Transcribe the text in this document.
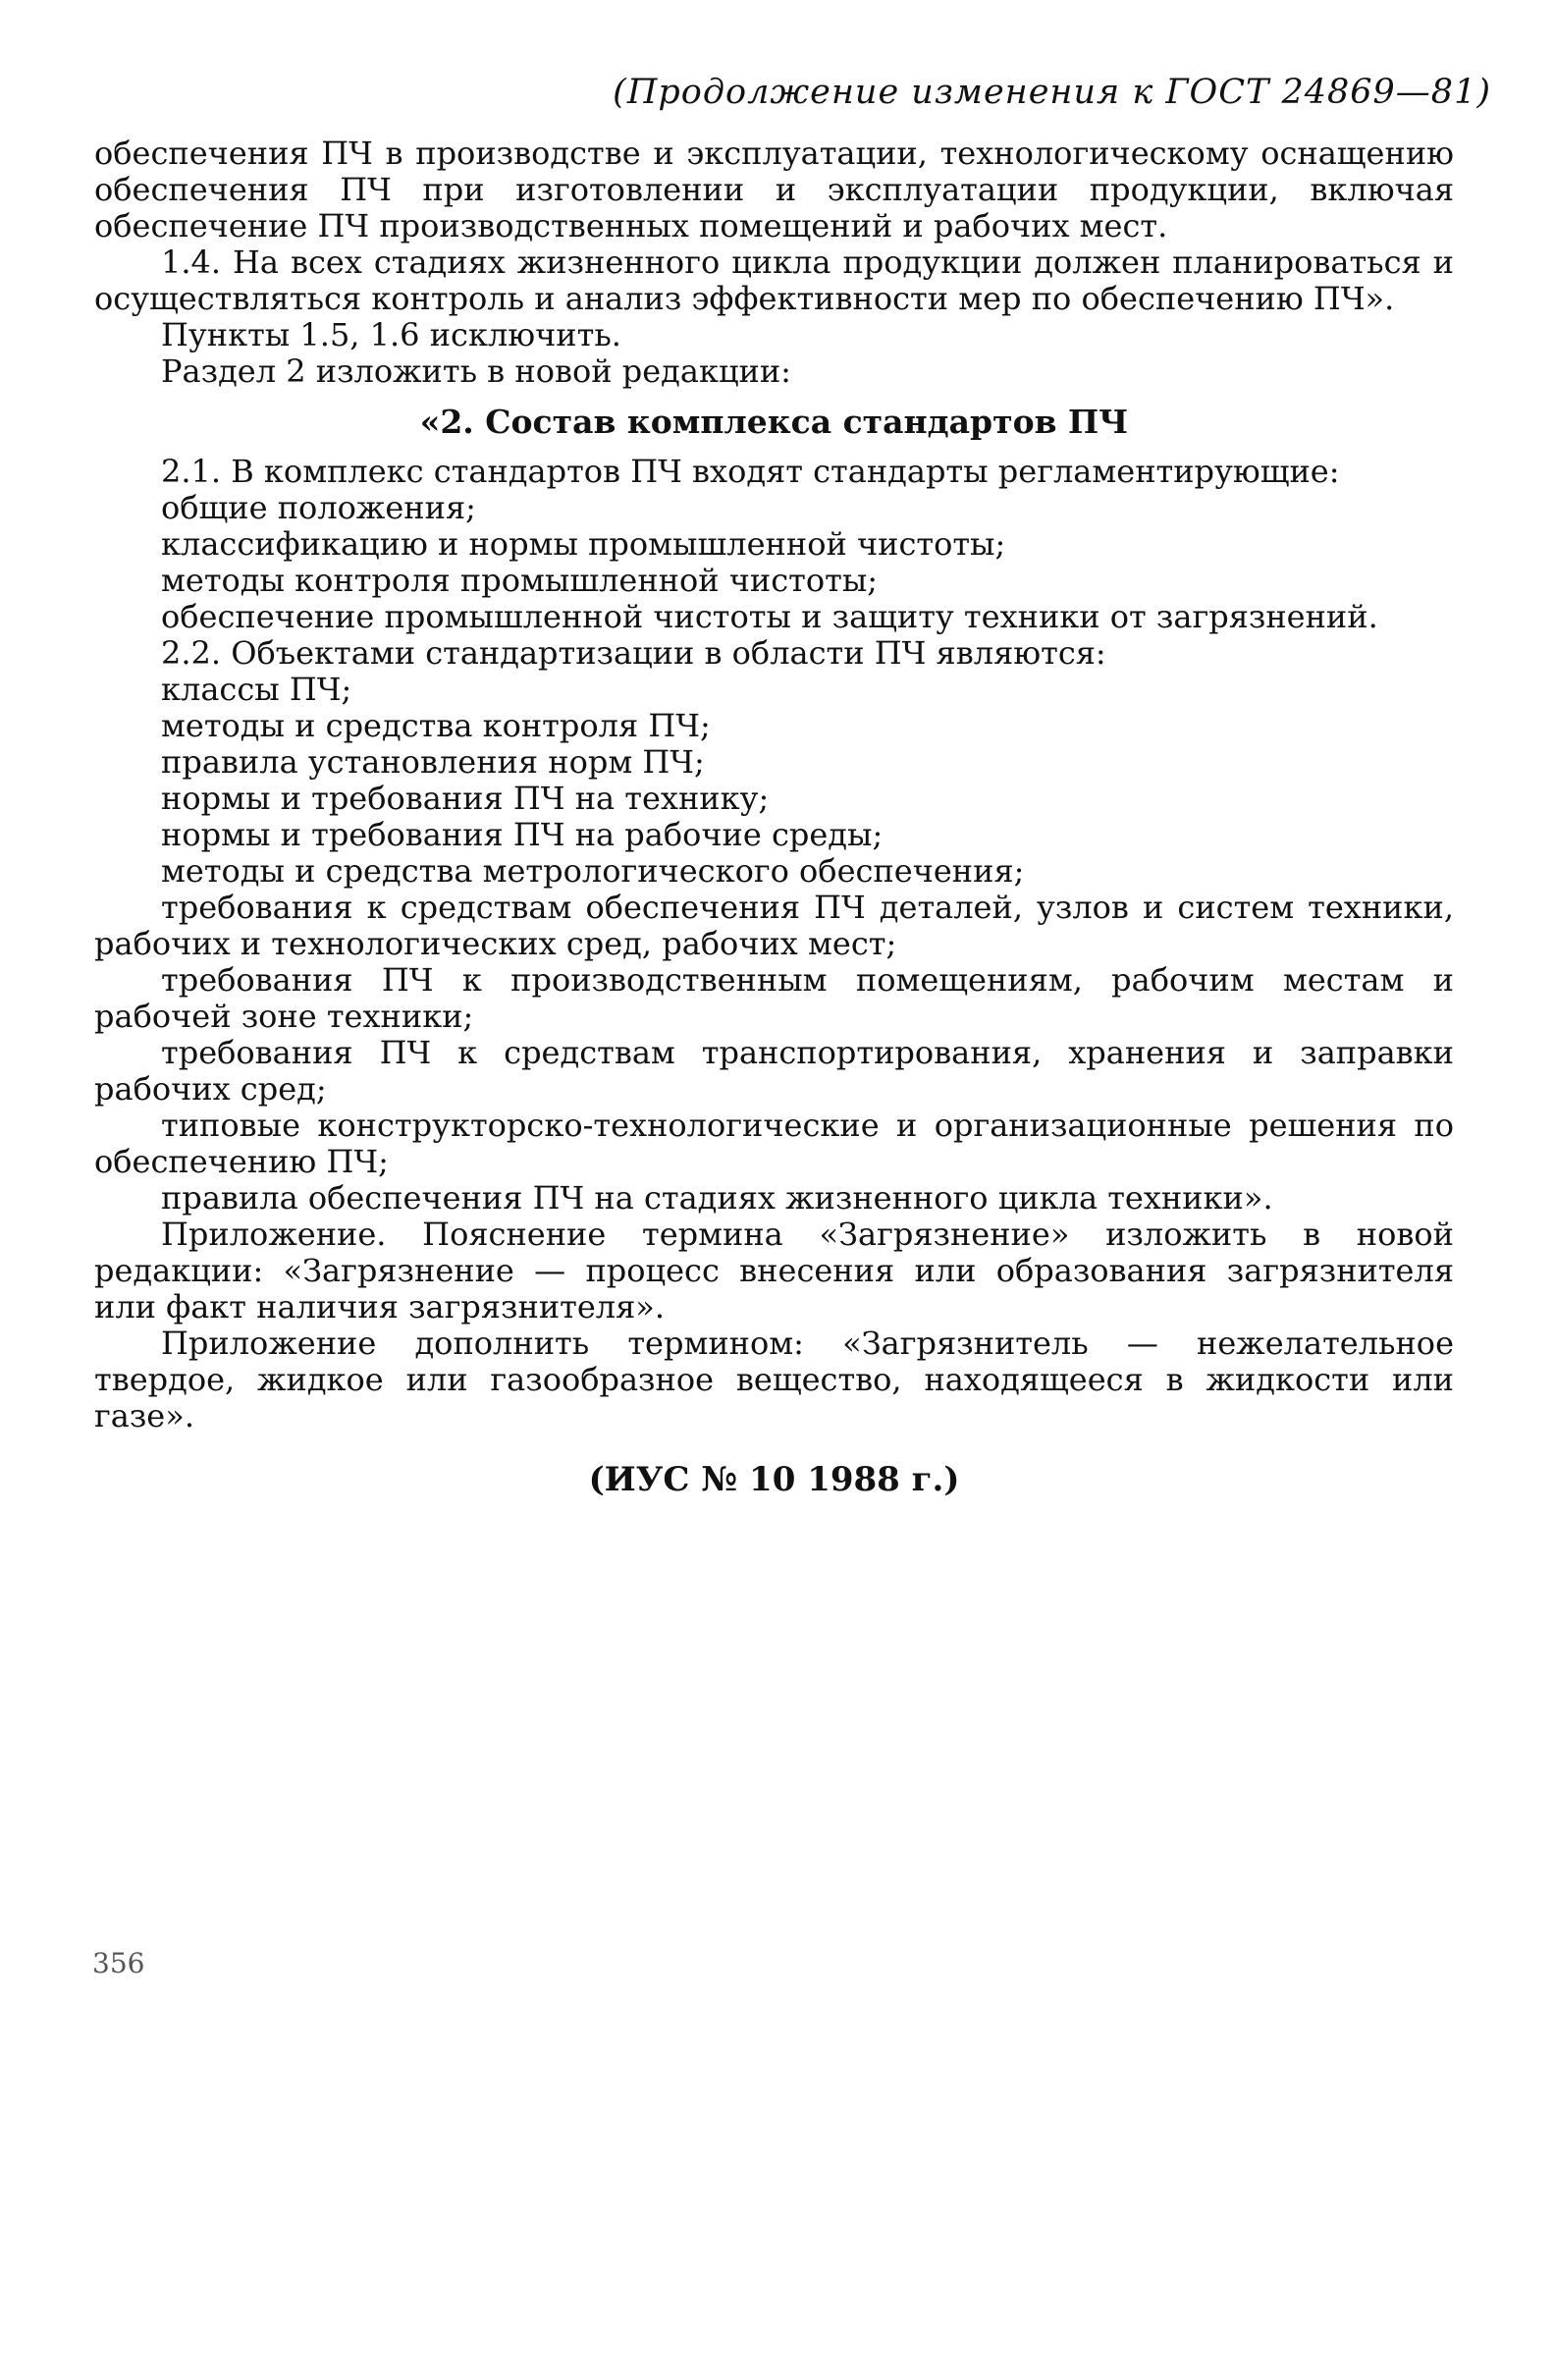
(Продолжение изменения к ГОСТ 24869—81)

обеспечения ПЧ в производстве и эксплуатации, технологическому оснащению обеспечения ПЧ при изготовлении и эксплуатации продукции, включая обеспечение ПЧ производственных помещений и рабочих мест.

1.4. На всех стадиях жизненного цикла продукции должен планироваться и осуществляться контроль и анализ эффективности мер по обеспечению ПЧ».

Пункты 1.5, 1.6 исключить.

Раздел 2 изложить в новой редакции:

«2. Состав комплекса стандартов ПЧ

2.1. В комплекс стандартов ПЧ входят стандарты регламентирующие:

общие положения;

классификацию и нормы промышленной чистоты;

методы контроля промышленной чистоты;

обеспечение промышленной чистоты и защиту техники от загрязнений.

2.2. Объектами стандартизации в области ПЧ являются:

классы ПЧ;

методы и средства контроля ПЧ;

правила установления норм ПЧ;

нормы и требования ПЧ на технику;

нормы и требования ПЧ на рабочие среды;

методы и средства метрологического обеспечения;

требования к средствам обеспечения ПЧ деталей, узлов и систем техники, рабочих и технологических сред, рабочих мест;

требования ПЧ к производственным помещениям, рабочим местам и рабочей зоне техники;

требования ПЧ к средствам транспортирования, хранения и заправки рабочих сред;

типовые конструкторско-технологические и организационные решения по обеспечению ПЧ;

правила обеспечения ПЧ на стадиях жизненного цикла техники».

Приложение. Пояснение термина «Загрязнение» изложить в новой редакции: «Загрязнение — процесс внесения или образования загрязнителя или факт наличия загрязнителя».

Приложение дополнить термином: «Загрязнитель — нежелательное твердое, жидкое или газообразное вещество, находящееся в жидкости или газе».

(ИУС № 10 1988 г.)
356
